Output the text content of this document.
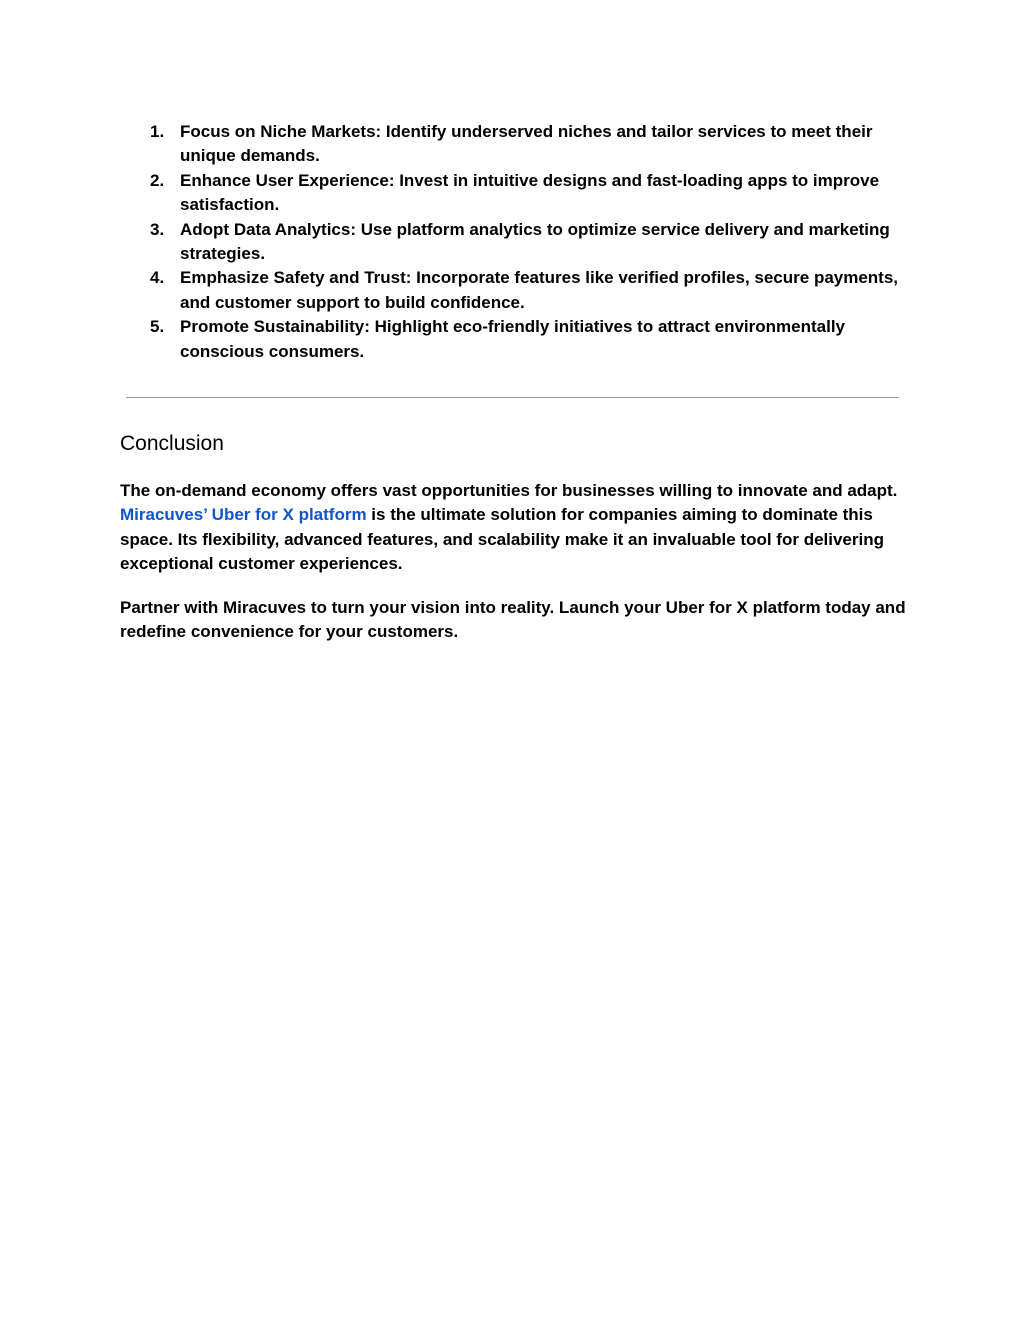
1. Focus on Niche Markets: Identify underserved niches and tailor services to meet their unique demands.
2. Enhance User Experience: Invest in intuitive designs and fast-loading apps to improve satisfaction.
3. Adopt Data Analytics: Use platform analytics to optimize service delivery and marketing strategies.
4. Emphasize Safety and Trust: Incorporate features like verified profiles, secure payments, and customer support to build confidence.
5. Promote Sustainability: Highlight eco-friendly initiatives to attract environmentally conscious consumers.
Conclusion

The on-demand economy offers vast opportunities for businesses willing to innovate and adapt. Miracuves’ Uber for X platform is the ultimate solution for companies aiming to dominate this space. Its flexibility, advanced features, and scalability make it an invaluable tool for delivering exceptional customer experiences.

Partner with Miracuves to turn your vision into reality. Launch your Uber for X platform today and redefine convenience for your customers.
